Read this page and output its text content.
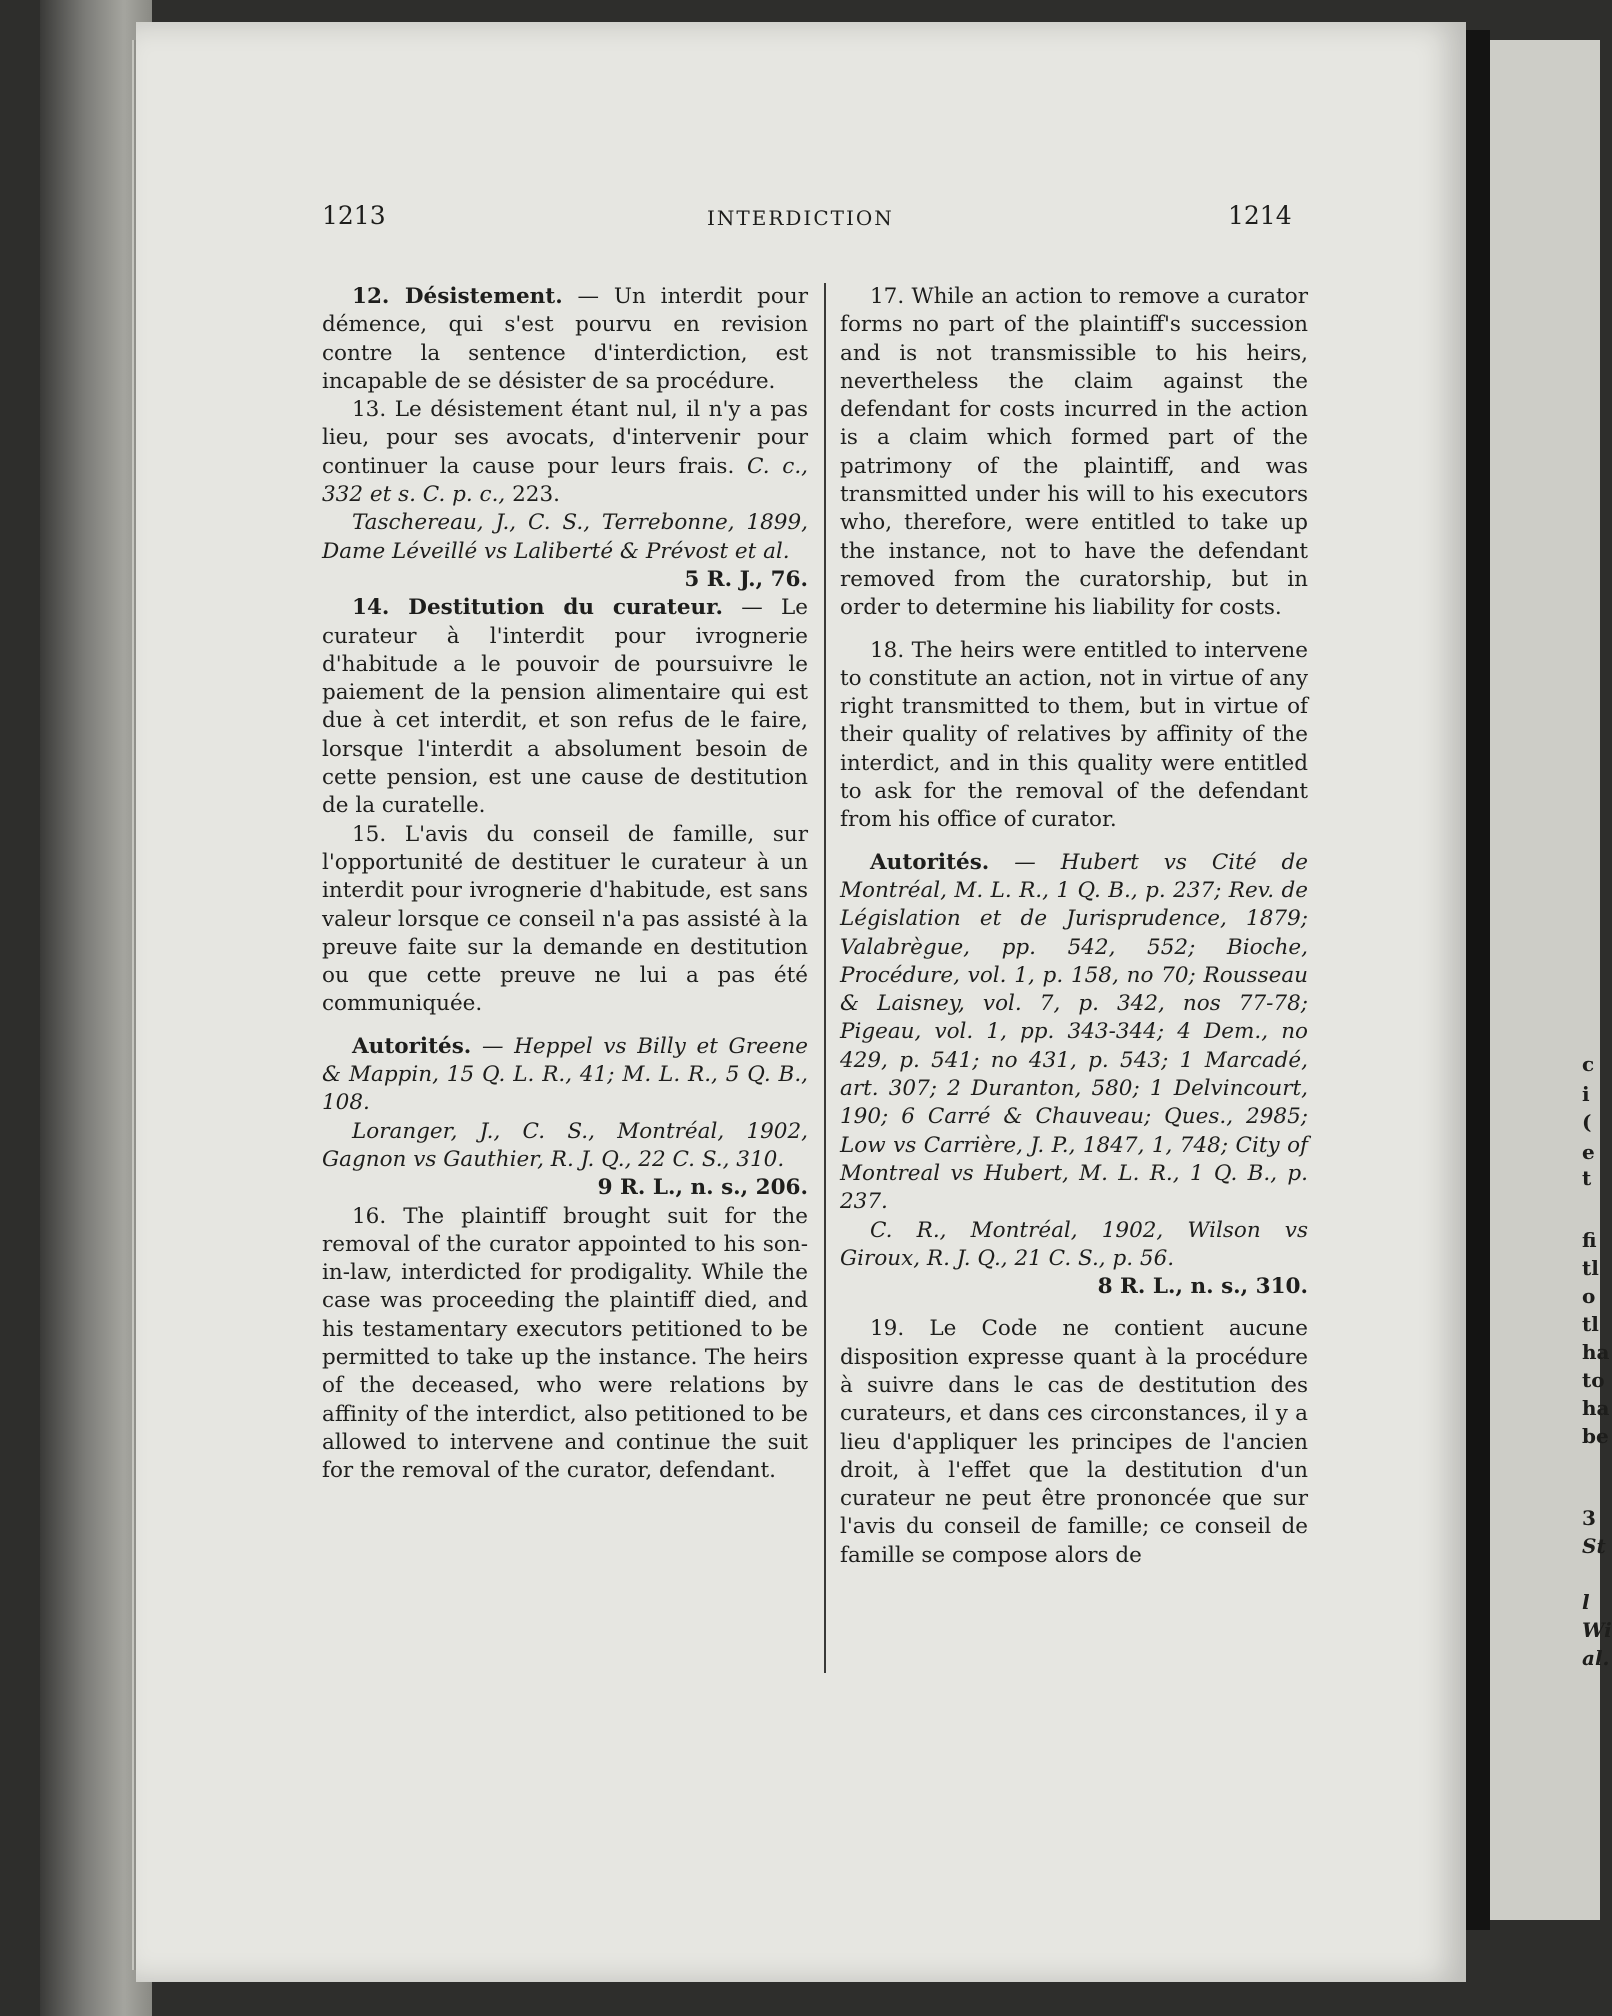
c
i
(
e
t
fi
tl
o
tl
ha
to
ha
be
3
St
l
Wi
al.
1213	INTERDICTION	1214

12. Désistement. — Un interdit pour démence, qui s'est pourvu en revision contre la sentence d'interdiction, est incapable de se désister de sa procédure.

13. Le désistement étant nul, il n'y a pas lieu, pour ses avocats, d'intervenir pour continuer la cause pour leurs frais. C. c., 332 et s. C. p. c., 223.

Taschereau, J., C. S., Terrebonne, 1899, Dame Léveillé vs Laliberté & Prévost et al.

5 R. J., 76.

14. Destitution du curateur. — Le curateur à l'interdit pour ivrognerie d'habitude a le pouvoir de poursuivre le paiement de la pension alimentaire qui est due à cet interdit, et son refus de le faire, lorsque l'interdit a absolument besoin de cette pension, est une cause de destitution de la curatelle.

15. L'avis du conseil de famille, sur l'opportunité de destituer le curateur à un interdit pour ivrognerie d'habitude, est sans valeur lorsque ce conseil n'a pas assisté à la preuve faite sur la demande en destitution ou que cette preuve ne lui a pas été communiquée.

Autorités. — Heppel vs Billy et Greene & Mappin, 15 Q. L. R., 41; M. L. R., 5 Q. B., 108.

Loranger, J., C. S., Montréal, 1902, Gagnon vs Gauthier, R. J. Q., 22 C. S., 310.

9 R. L., n. s., 206.

16. The plaintiff brought suit for the removal of the curator appointed to his son-in-law, interdicted for prodigality. While the case was proceeding the plaintiff died, and his testamentary executors petitioned to be permitted to take up the instance. The heirs of the deceased, who were relations by affinity of the interdict, also petitioned to be allowed to intervene and continue the suit for the removal of the curator, defendant.

17. While an action to remove a curator forms no part of the plaintiff's succession and is not transmissible to his heirs, nevertheless the claim against the defendant for costs incurred in the action is a claim which formed part of the patrimony of the plaintiff, and was transmitted under his will to his executors who, therefore, were entitled to take up the instance, not to have the defendant removed from the curatorship, but in order to determine his liability for costs.

18. The heirs were entitled to intervene to constitute an action, not in virtue of any right transmitted to them, but in virtue of their quality of relatives by affinity of the interdict, and in this quality were entitled to ask for the removal of the defendant from his office of curator.

Autorités. — Hubert vs Cité de Montréal, M. L. R., 1 Q. B., p. 237; Rev. de Législation et de Jurisprudence, 1879; Valabrègue, pp. 542, 552; Bioche, Procédure, vol. 1, p. 158, no 70; Rousseau & Laisney, vol. 7, p. 342, nos 77-78; Pigeau, vol. 1, pp. 343-344; 4 Dem., no 429, p. 541; no 431, p. 543; 1 Marcadé, art. 307; 2 Duranton, 580; 1 Delvincourt, 190; 6 Carré & Chauveau; Ques., 2985; Low vs Carrière, J. P., 1847, 1, 748; City of Montreal vs Hubert, M. L. R., 1 Q. B., p. 237.

C. R., Montréal, 1902, Wilson vs Giroux, R. J. Q., 21 C. S., p. 56.

8 R. L., n. s., 310.

19. Le Code ne contient aucune disposition expresse quant à la procédure à suivre dans le cas de destitution des curateurs, et dans ces circonstances, il y a lieu d'appliquer les principes de l'ancien droit, à l'effet que la destitution d'un curateur ne peut être prononcée que sur l'avis du conseil de famille; ce conseil de famille se compose alors de
